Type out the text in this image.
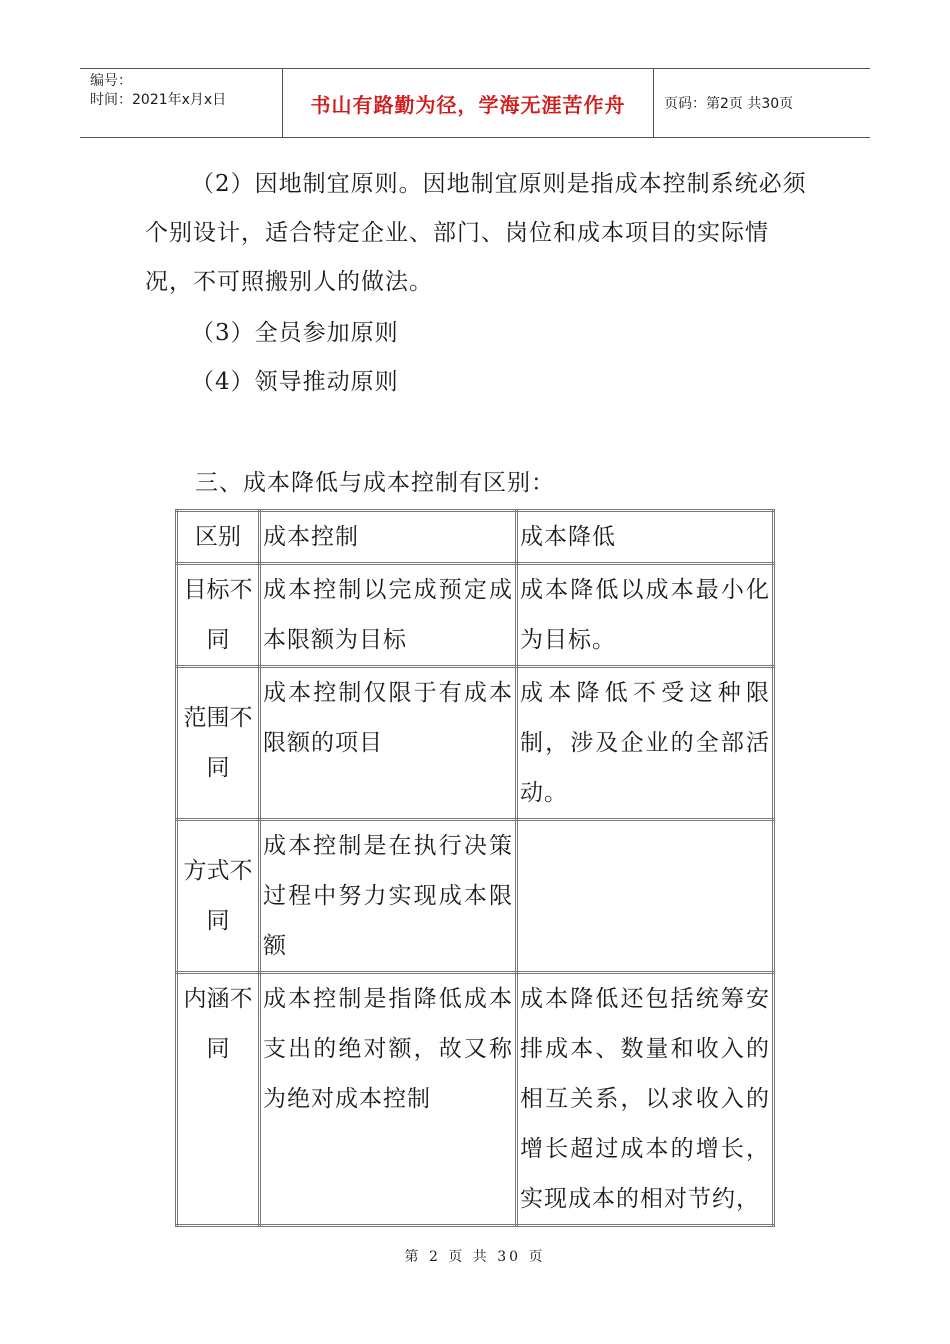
编号：
时间：2021年x月x日	书山有路勤为径，学海无涯苦作舟	页码：第2页 共30页

（2）因地制宜原则。因地制宜原则是指成本控制系统必须个别设计，适合特定企业、部门、岗位和成本项目的实际情况，不可照搬别人的做法。

（3）全员参加原则

（4）领导推动原则

三、成本降低与成本控制有区别：

区别	成本控制	成本降低
目标不同	成本控制以完成预定成本限额为目标	成本降低以成本最小化为目标。
范围不同	成本控制仅限于有成本限额的项目	成本降低不受这种限制，涉及企业的全部活动。
方式不同	成本控制是在执行决策过程中努力实现成本限额	
内涵不同	成本控制是指降低成本支出的绝对额，故又称为绝对成本控制	成本降低还包括统筹安排成本、数量和收入的相互关系，以求收入的增长超过成本的增长，实现成本的相对节约，
第 2 页 共 30 页
